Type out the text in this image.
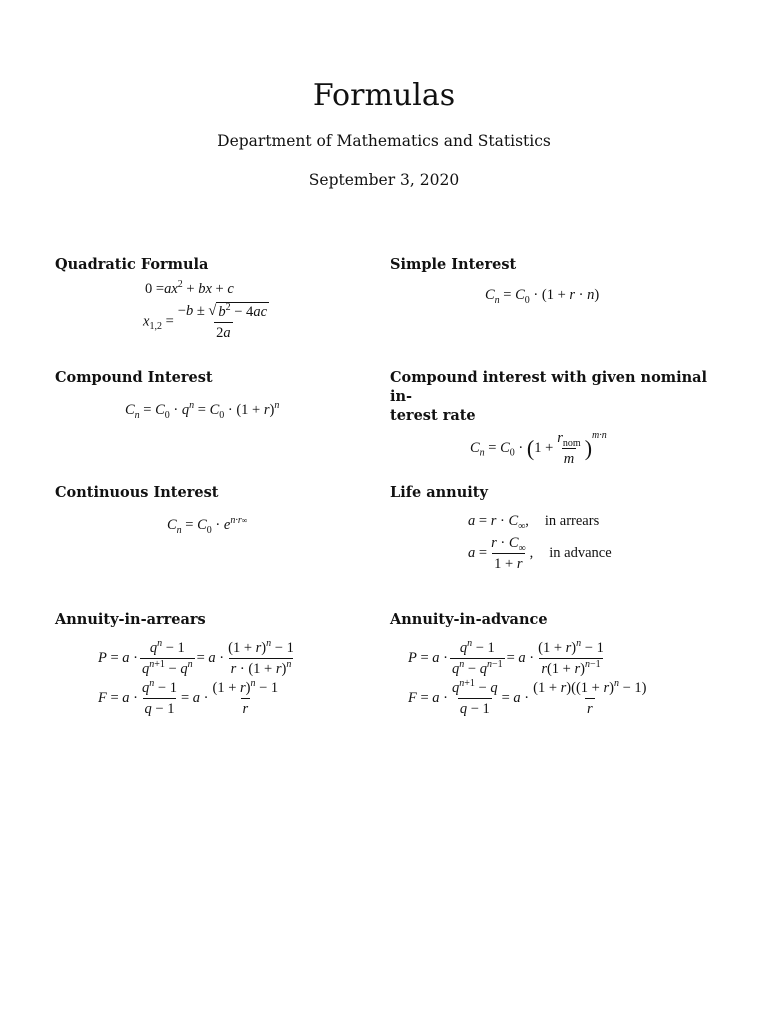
Formulas
Department of Mathematics and Statistics
September 3, 2020
Quadratic Formula
$0 =ax^2$ + bx + c
$x_{1,2} = \frac{-b \pm √ b^2 - 4ac}{2a}$
Simple Interest
$C_n = C_0 \cdot (1 + r \cdot n)$
Compound Interest
$C_n = C_0 \cdot q^n = C_0 \cdot (1 + r)^n$
Compound interest with given nominal in-
terest rate
$C_n = C_0 \cdot (1 + \frac{r_{nom}}{m} )^{m\cdot n}$
Continuous Interest
$C_n = C_0 \cdot e^{n\cdot r\infty}$
Life annuity
$a = r \cdot C_\infty$, in arrears
$a = \frac{r \cdot C_\infty}{1 + r}$ , in advance
Annuity-in-arrears
$P = a \cdot \frac{q^n - 1}{q^{n+1} - q^n} = a \cdot \frac{(1 + r)^n - 1}{r \cdot (1 + r)^n}$
$F = a \cdot \frac{q^n - 1}{q - 1} = a \cdot \frac{(1 + r)^n - 1}{r}$
Annuity-in-advance
$P = a \cdot \frac{q^n - 1}{q^n - q^{n-1}} = a \cdot \frac{(1 + r)^n - 1}{r(1 + r)^{n-1}}$
$F = a \cdot \frac{q^{n+1} - q}{q - 1} = a \cdot \frac{(1 + r)((1 + r)^n - 1)}{r}$
